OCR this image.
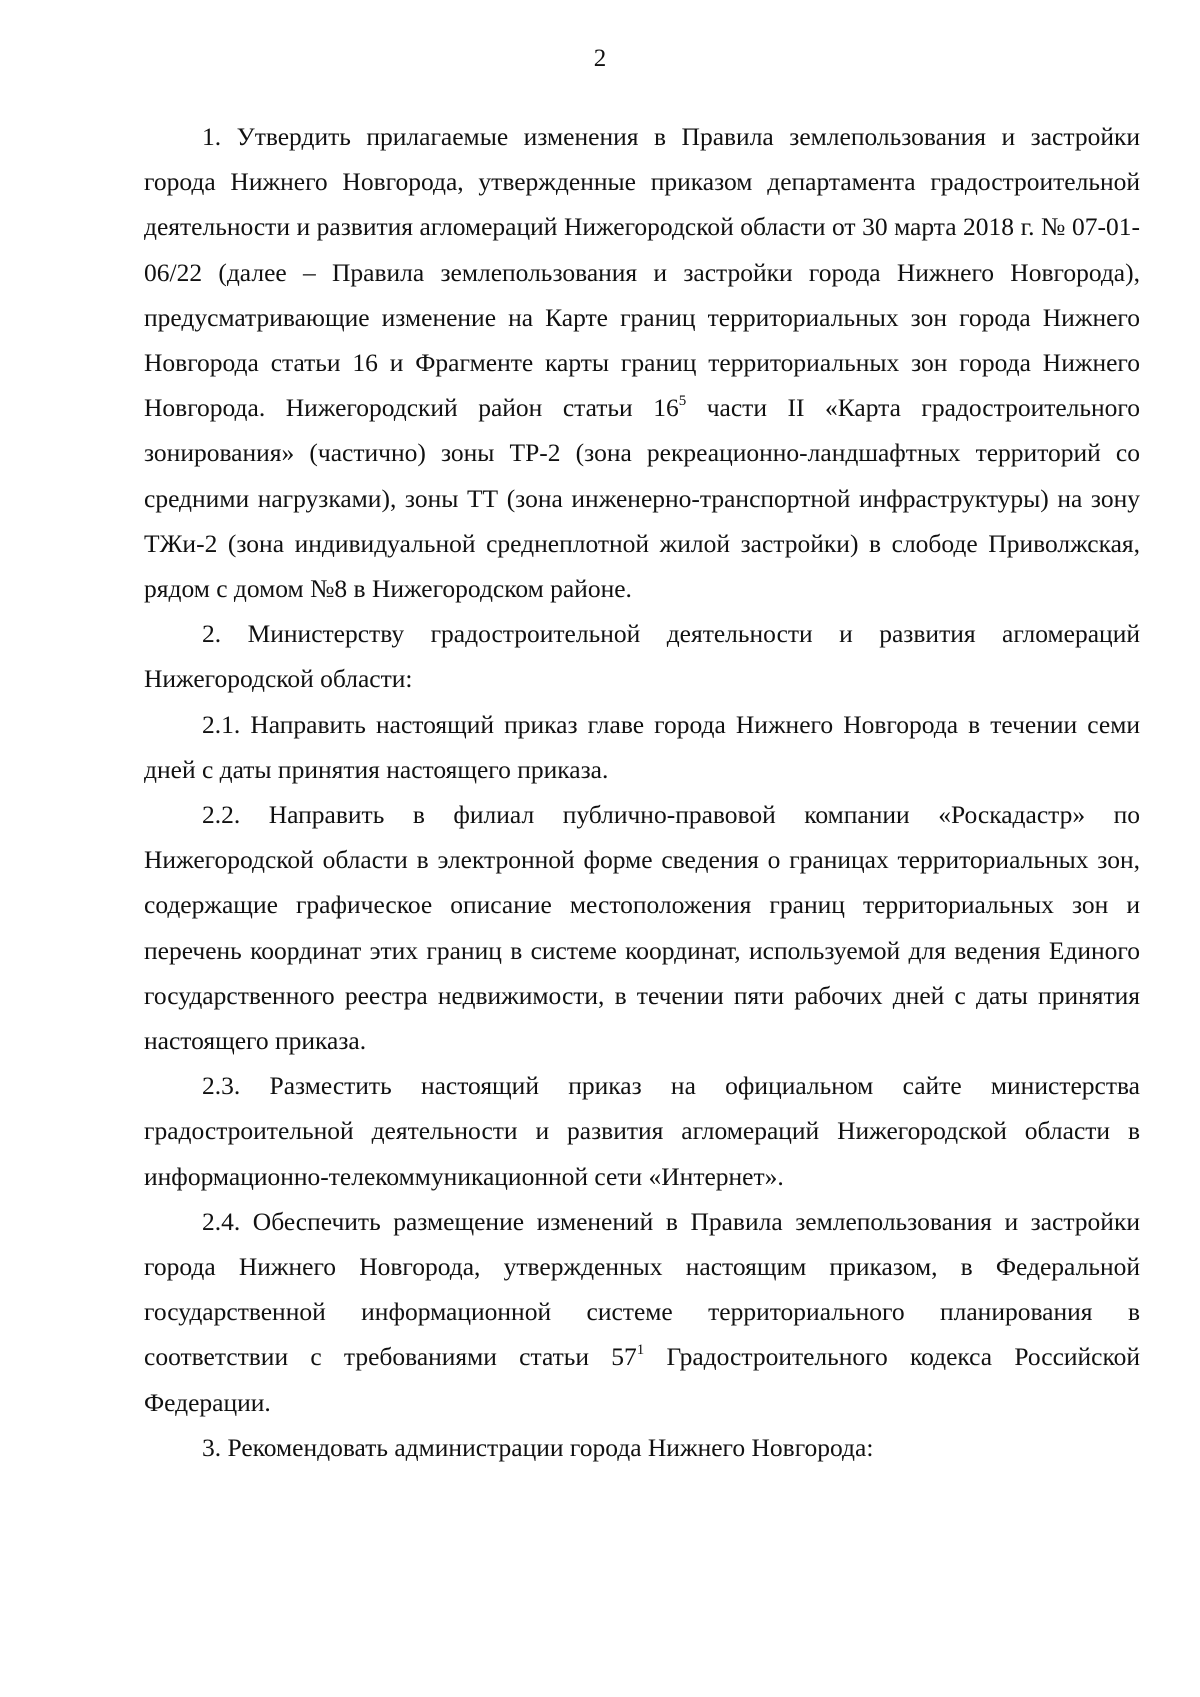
2

1. Утвердить прилагаемые изменения в Правила землепользования и застройки города Нижнего Новгорода, утвержденные приказом департамента градостроительной деятельности и развития агломераций Нижегородской области от 30 марта 2018 г. № 07-01-06/22 (далее – Правила землепользования и застройки города Нижнего Новгорода), предусматривающие изменение на Карте границ территориальных зон города Нижнего Новгорода статьи 16 и Фрагменте карты границ территориальных зон города Нижнего Новгорода. Нижегородский район статьи $16^5$ части II «Карта градостроительного зонирования» (частично) зоны ТР-2 (зона рекреационно-ландшафтных территорий со средними нагрузками), зоны ТТ (зона инженерно-транспортной инфраструктуры) на зону ТЖи-2 (зона индивидуальной среднеплотной жилой застройки) в слободе Приволжская, рядом с домом №8 в Нижегородском районе.

2. Министерству градостроительной деятельности и развития агломераций Нижегородской области:

2.1. Направить настоящий приказ главе города Нижнего Новгорода в течении семи дней с даты принятия настоящего приказа.

2.2. Направить в филиал публично-правовой компании «Роскадастр» по Нижегородской области в электронной форме сведения о границах территориальных зон, содержащие графическое описание местоположения границ территориальных зон и перечень координат этих границ в системе координат, используемой для ведения Единого государственного реестра недвижимости, в течении пяти рабочих дней с даты принятия настоящего приказа.

2.3. Разместить настоящий приказ на официальном сайте министерства градостроительной деятельности и развития агломераций Нижегородской области в информационно-телекоммуникационной сети «Интернет».

2.4. Обеспечить размещение изменений в Правила землепользования и застройки города Нижнего Новгорода, утвержденных настоящим приказом, в Федеральной государственной информационной системе территориального планирования в соответствии с требованиями статьи $57^1$ Градостроительного кодекса Российской Федерации.

3. Рекомендовать администрации города Нижнего Новгорода:
